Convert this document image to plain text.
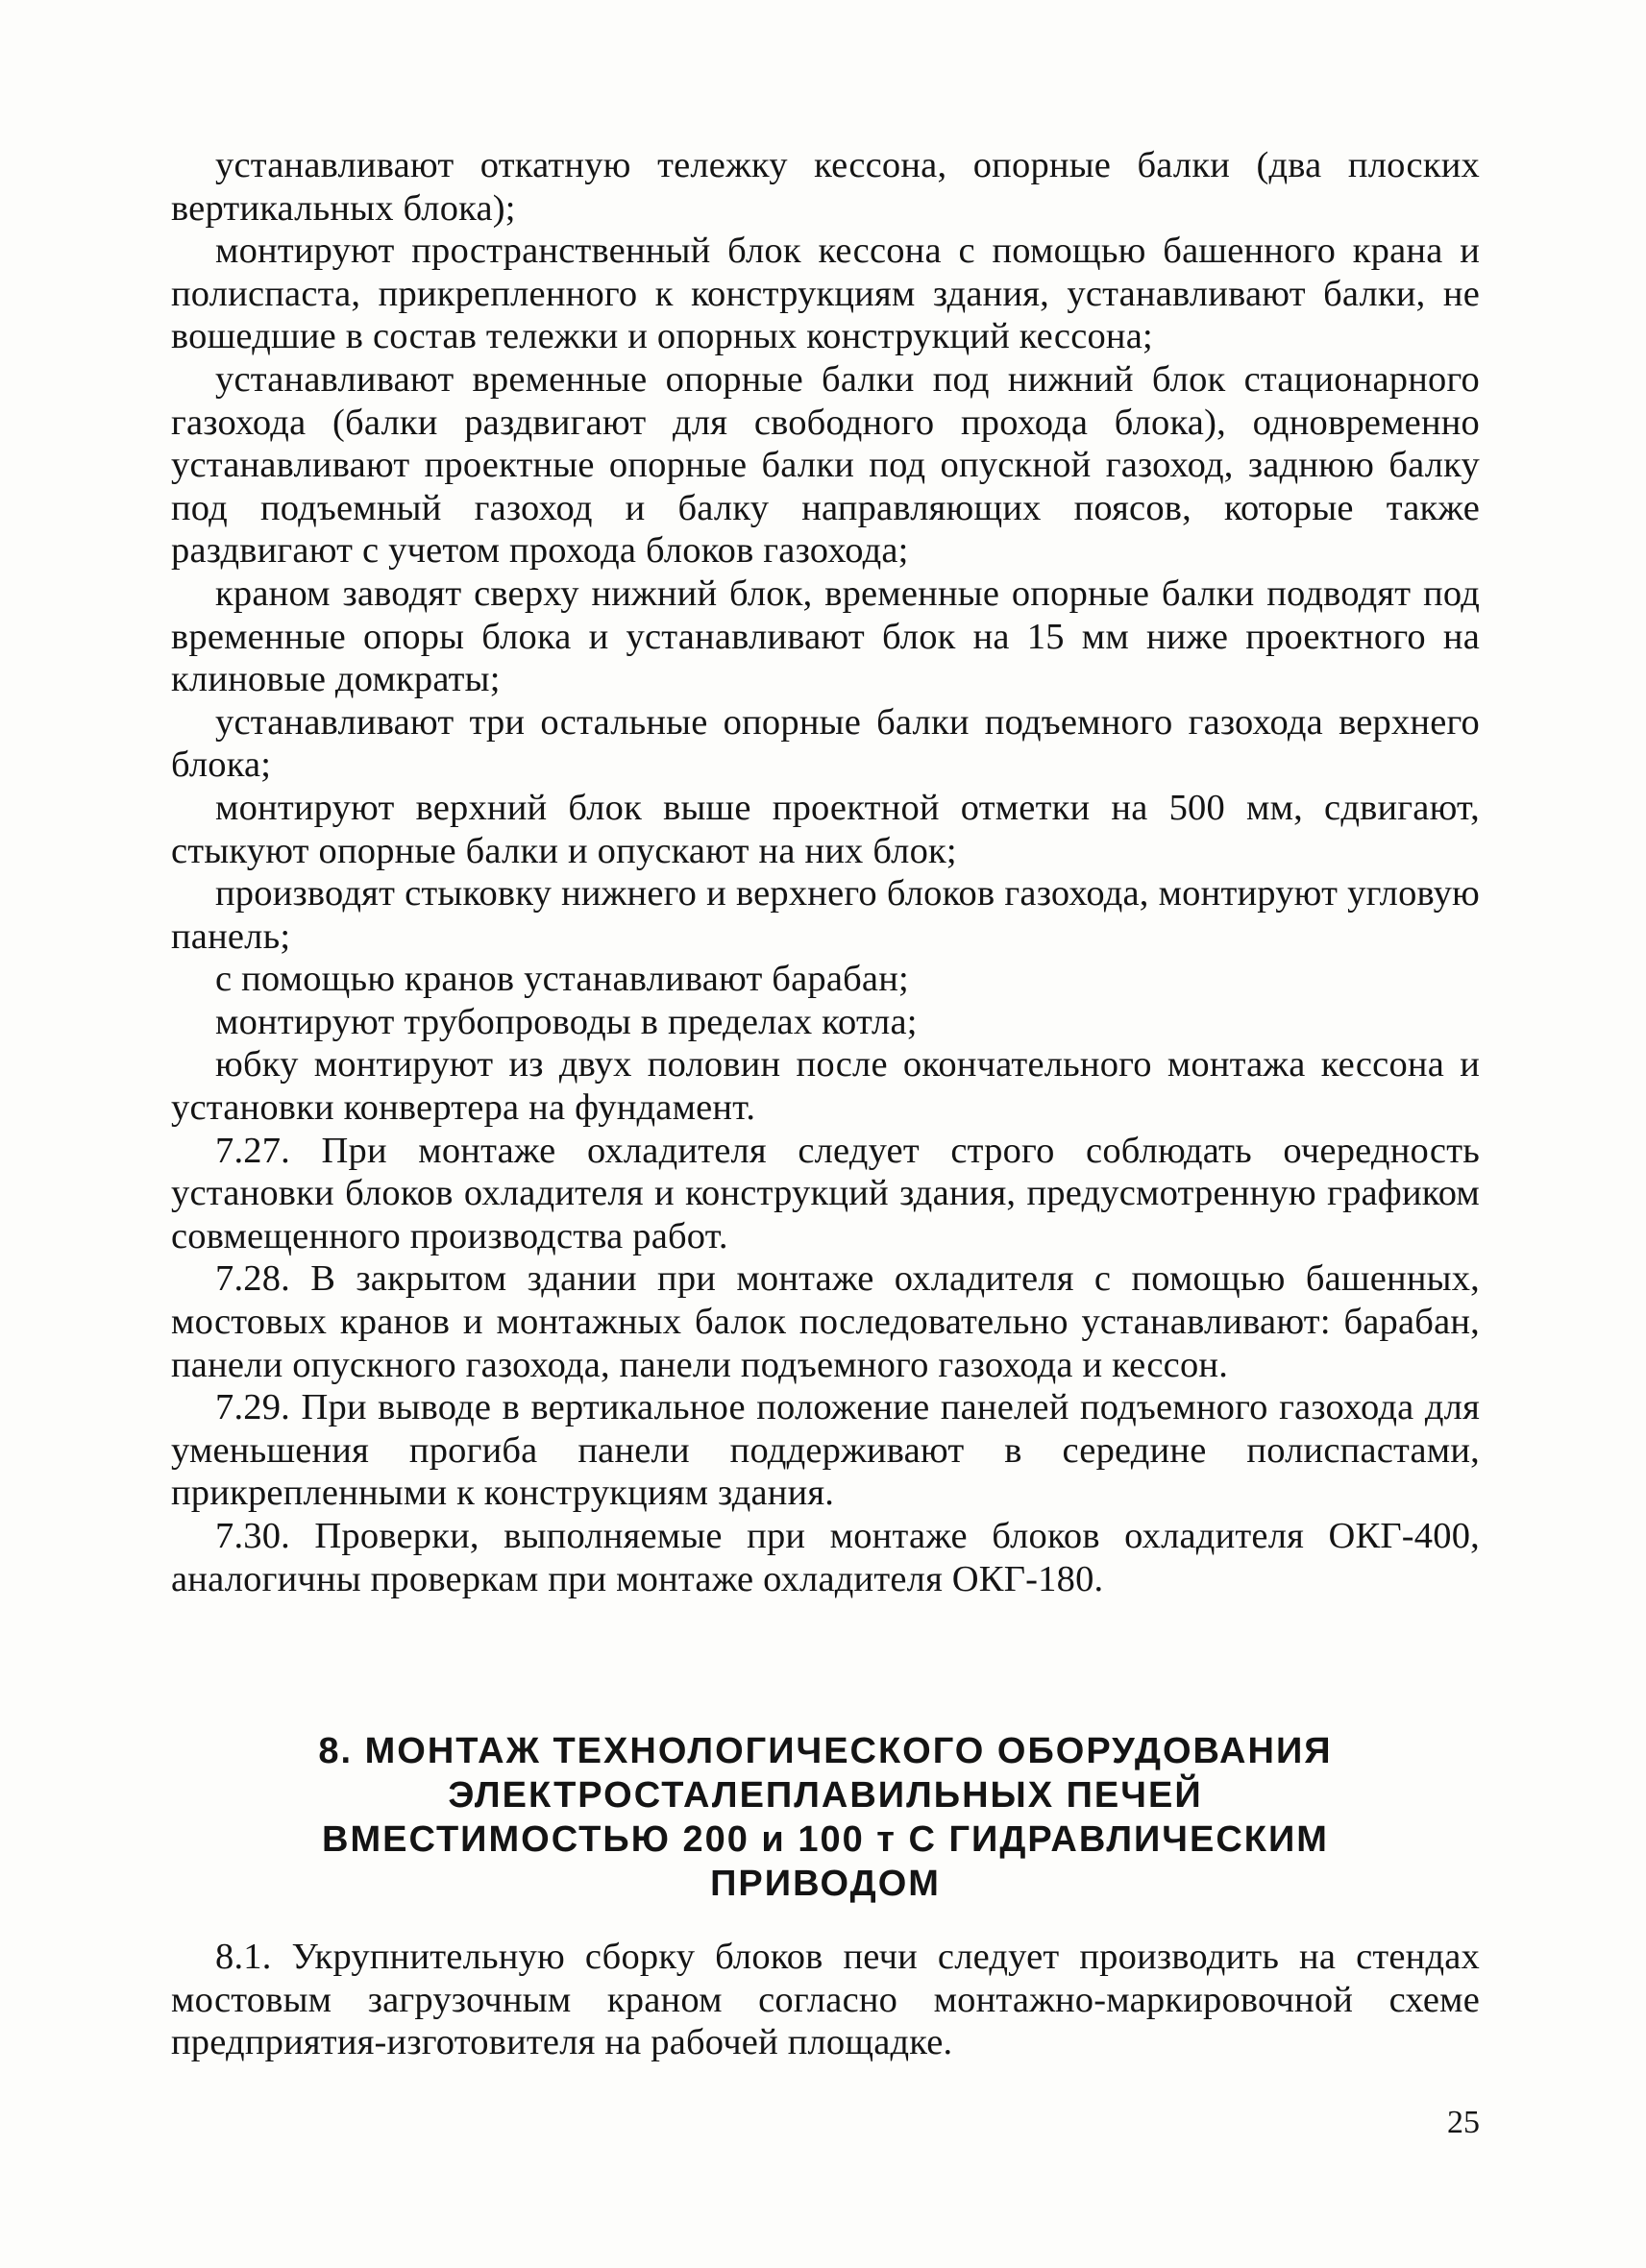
устанавливают откатную тележку кессона, опорные балки (два плоских вертикальных блока);

монтируют пространственный блок кессона с помощью башенного крана и полиспаста, прикрепленного к конструкциям здания, устанавливают балки, не вошедшие в состав тележки и опорных конструкций кессона;

устанавливают временные опорные балки под нижний блок стационарного газохода (балки раздвигают для свободного прохода блока), одновременно устанавливают проектные опорные балки под опускной газоход, заднюю балку под подъемный газоход и балку направляющих поясов, которые также раздвигают с учетом прохода блоков газохода;

краном заводят сверху нижний блок, временные опорные балки подводят под временные опоры блока и устанавливают блок на 15 мм ниже проектного на клиновые домкраты;

устанавливают три остальные опорные балки подъемного газохода верхнего блока;

монтируют верхний блок выше проектной отметки на 500 мм, сдвигают, стыкуют опорные балки и опускают на них блок;

производят стыковку нижнего и верхнего блоков газохода, монтируют угловую панель;

с помощью кранов устанавливают барабан;

монтируют трубопроводы в пределах котла;

юбку монтируют из двух половин после окончательного монтажа кессона и установки конвертера на фундамент.

7.27. При монтаже охладителя следует строго соблюдать очередность установки блоков охладителя и конструкций здания, предусмотренную графиком совмещенного производства работ.

7.28. В закрытом здании при монтаже охладителя с помощью башенных, мостовых кранов и монтажных балок последовательно устанавливают: барабан, панели опускного газохода, панели подъемного газохода и кессон.

7.29. При выводе в вертикальное положение панелей подъемного газохода для уменьшения прогиба панели поддерживают в середине полиспастами, прикрепленными к конструкциям здания.

7.30. Проверки, выполняемые при монтаже блоков охладителя ОКГ-400, аналогичны проверкам при монтаже охладителя ОКГ-180.

8. МОНТАЖ ТЕХНОЛОГИЧЕСКОГО ОБОРУДОВАНИЯ
ЭЛЕКТРОСТАЛЕПЛАВИЛЬНЫХ ПЕЧЕЙ
ВМЕСТИМОСТЬЮ 200 и 100 т С ГИДРАВЛИЧЕСКИМ
ПРИВОДОМ

8.1. Укрупнительную сборку блоков печи следует производить на стендах мостовым загрузочным краном согласно монтажно-маркировочной схеме предприятия-изготовителя на рабочей площадке.

25
